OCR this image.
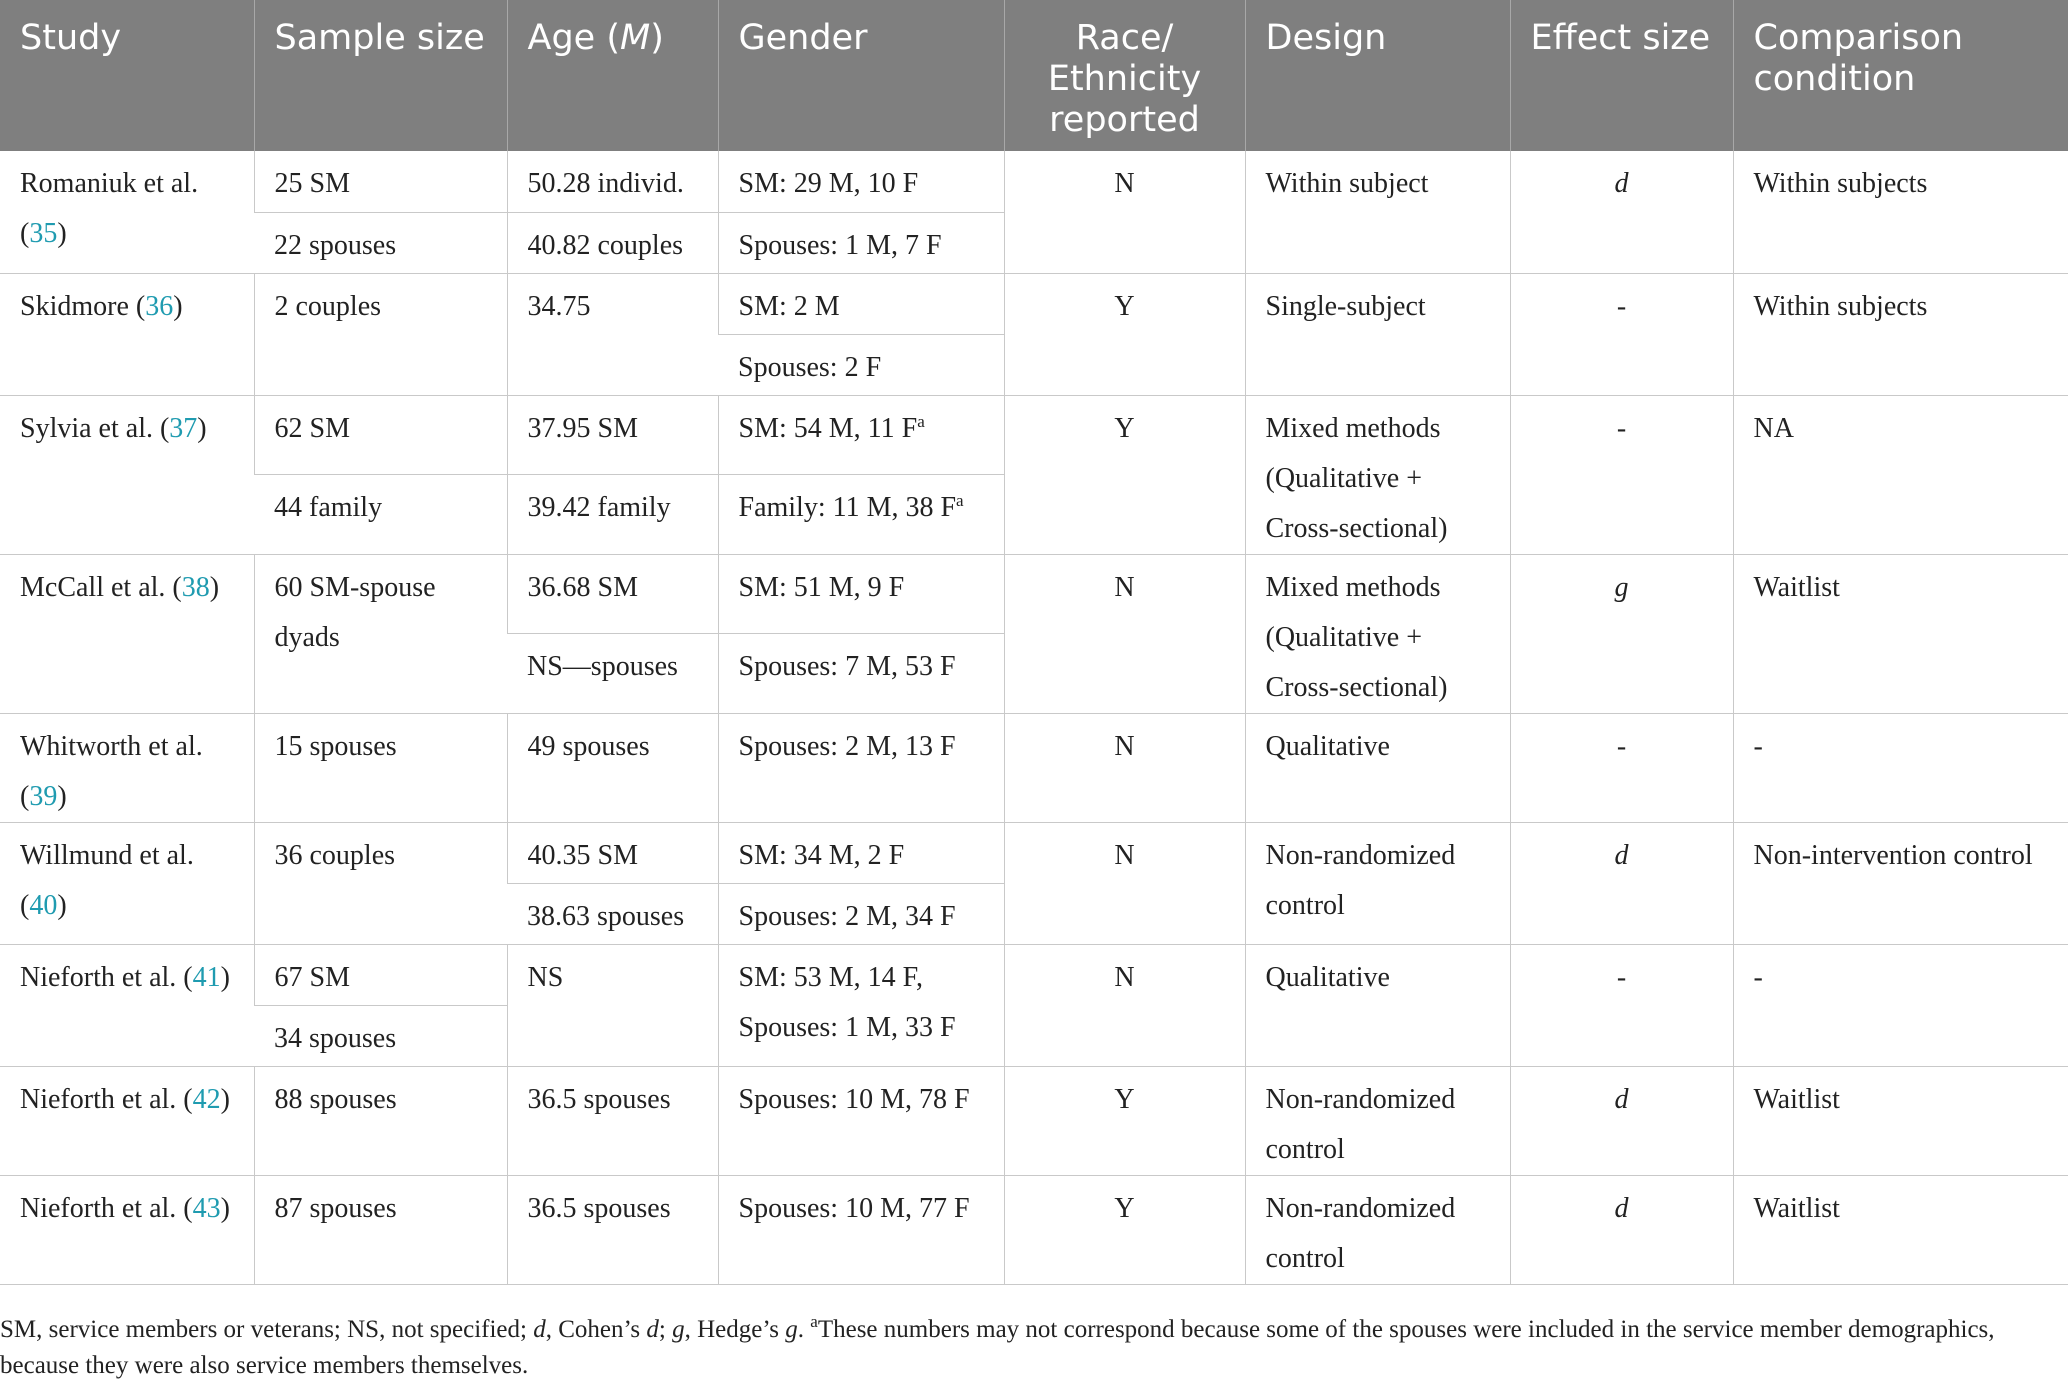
Study	Sample size	Age (M)	Gender	Race/ Ethnicity reported	Design	Effect size	Comparison condition
Romaniuk et al. (35)	25 SM	50.28 individ.	SM: 29 M, 10 F	N	Within subject	d	Within subjects
	22 spouses	40.82 couples	Spouses: 1 M, 7 F				
Skidmore (36)	2 couples	34.75	SM: 2 M	Y	Single-subject	-	Within subjects
			Spouses: 2 F				
Sylvia et al. (37)	62 SM	37.95 SM	SM: 54 M, 11 $F^a$	Y	Mixed methods (Qualitative + Cross-sectional)	-	NA
	44 family	39.42 family	Family: 11 M, 38 $F^a$
McCall et al. (38)	60 SM-spouse dyads	36.68 SM	SM: 51 M, 9 F	N	Mixed methods (Qualitative + Cross-sectional)	g	Waitlist
		NS—spouses	Spouses: 7 M, 53 F				
Whitworth et al. (39)	15 spouses	49 spouses	Spouses: 2 M, 13 F	N	Qualitative	-	-
Willmund et al. (40)	36 couples	40.35 SM	SM: 34 M, 2 F	N	Non-randomized control	d	Non-intervention control
		38.63 spouses	Spouses: 2 M, 34 F				
Nieforth et al. (41)	67 SM	NS	SM: 53 M, 14 F, Spouses: 1 M, 33 F	N	Qualitative	-	-
	34 spouses						
Nieforth et al. (42)	88 spouses	36.5 spouses	Spouses: 10 M, 78 F	Y	Non-randomized control	d	Waitlist
Nieforth et al. (43)	87 spouses	36.5 spouses	Spouses: 10 M, 77 F	Y	Non-randomized control	d	Waitlist
SM, service members or veterans; NS, not specified; d, Cohen’s d; g, Hedge’s g. $^a$These numbers may not correspond because some of the spouses were included in the service member demographics, because they were also service members themselves.
